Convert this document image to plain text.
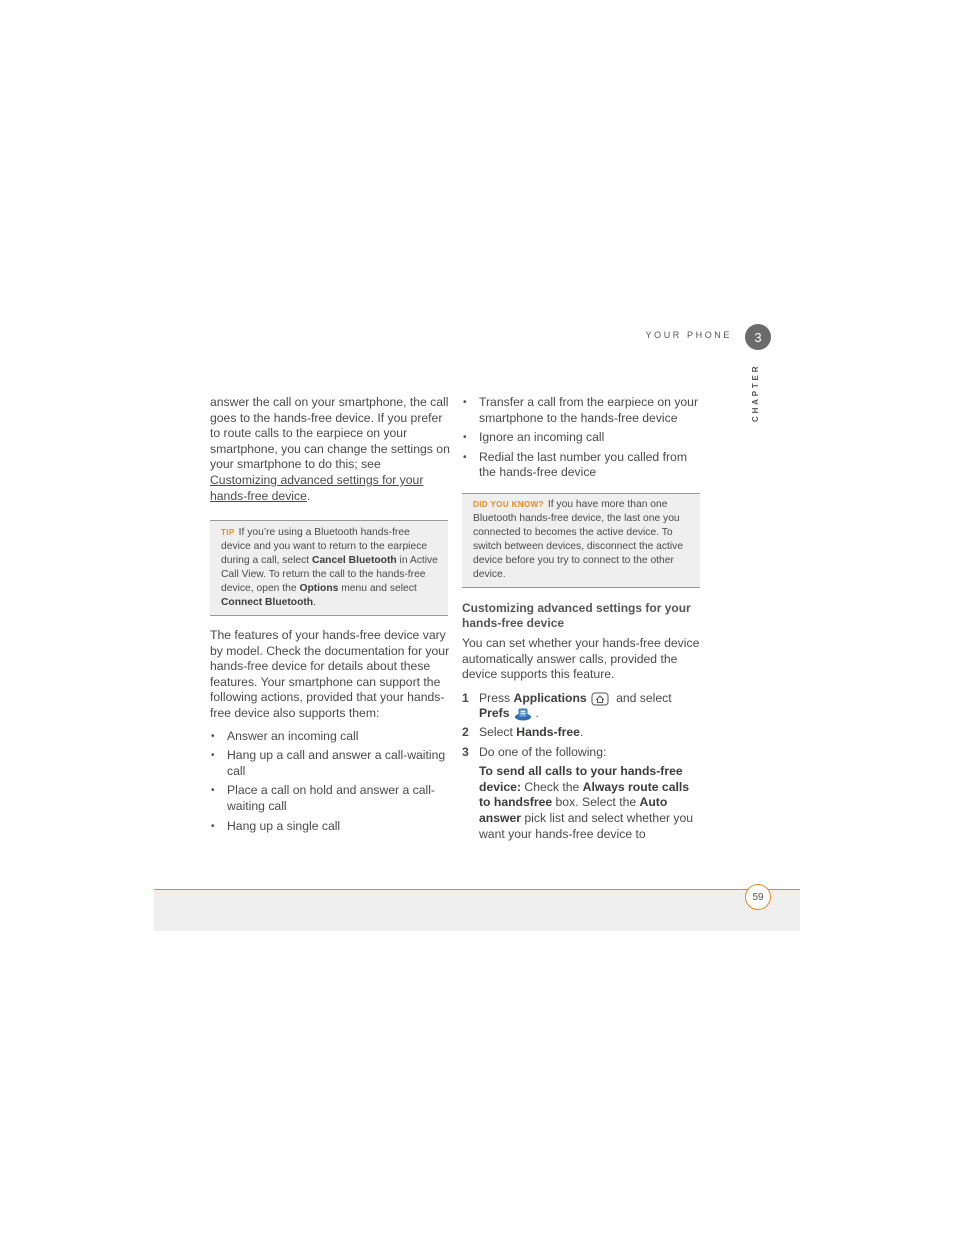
YOUR PHONE 3
CHAPTER

answer the call on your smartphone, the call goes to the hands-free device. If you prefer to route calls to the earpiece on your smartphone, you can change the settings on your smartphone to do this; see Customizing advanced settings for your hands-free device.

TIP If you’re using a Bluetooth hands-free device and you want to return to the earpiece during a call, select Cancel Bluetooth in Active Call View. To return the call to the hands-free device, open the Options menu and select Connect Bluetooth.

The features of your hands-free device vary by model. Check the documentation for your hands-free device for details about these features. Your smartphone can support the following actions, provided that your hands-free device also supports them:

• Answer an incoming call
• Hang up a call and answer a call-waiting call
• Place a call on hold and answer a call-waiting call
• Hang up a single call
• Transfer a call from the earpiece on your smartphone to the hands-free device
• Ignore an incoming call
• Redial the last number you called from the hands-free device
DID YOU KNOW? If you have more than one Bluetooth hands-free device, the last one you connected to becomes the active device. To switch between devices, disconnect the active device before you try to connect to the other device.
Customizing advanced settings for your hands-free device

You can set whether your hands-free device automatically answer calls, provided the device supports this feature.

1 Press Applications and select
Prefs .
2 Select Hands-free.
3 Do one of the following:

To send all calls to your hands-free device: Check the Always route calls to handsfree box. Select the Auto answer pick list and select whether you want your hands-free device to

59
